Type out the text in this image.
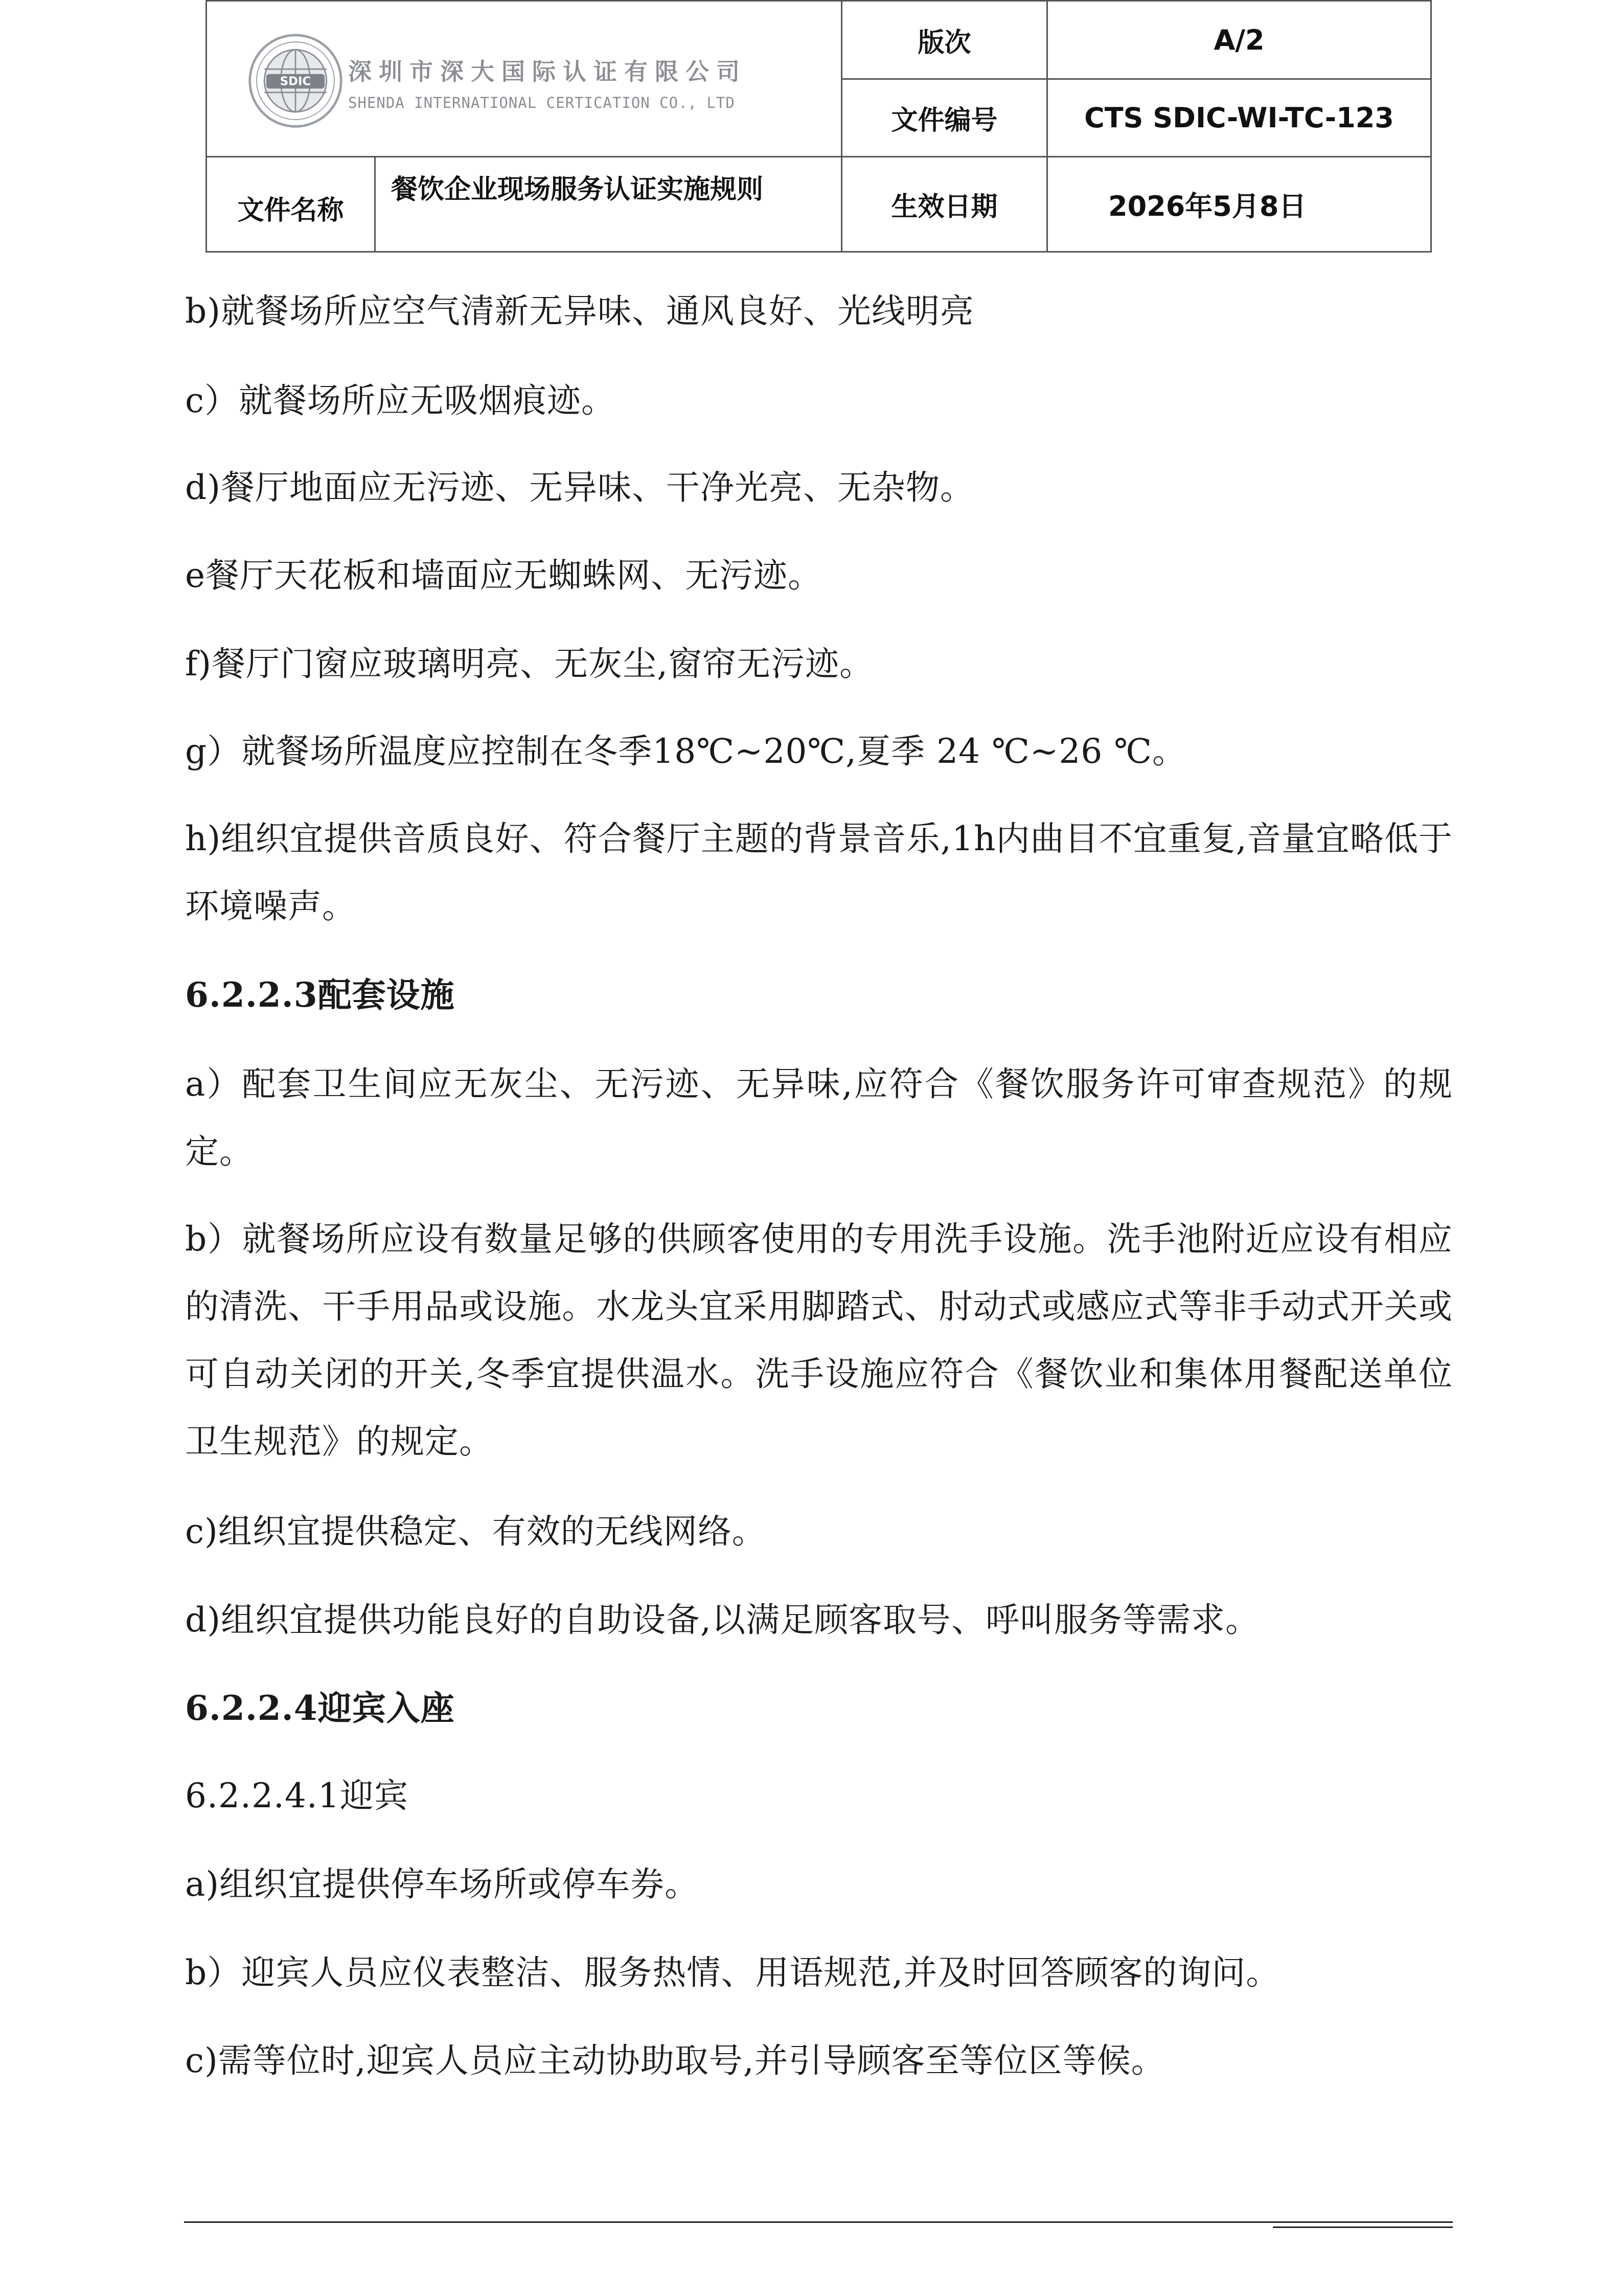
SDIC 深圳市深大国际认证有限公司
SHENDA INTERNATIONAL CERTICATION CO., LTD		版次	A/2
		文件编号	CTS SDIC-WI-TC-123
文件名称	餐饮企业现场服务认证实施规则	生效日期	2026年5月8日

b)就餐场所应空气清新无异味、通风良好、光线明亮

c）就餐场所应无吸烟痕迹。

d)餐厅地面应无污迹、无异味、干净光亮、无杂物。

e餐厅天花板和墙面应无蜘蛛网、无污迹。

f)餐厅门窗应玻璃明亮、无灰尘,窗帘无污迹。

g）就餐场所温度应控制在冬季18℃~20℃,夏季 24 ℃~26 ℃。

h)组织宜提供音质良好、符合餐厅主题的背景音乐,1h内曲目不宜重复,音量宜略低于环境噪声。

6.2.2.3配套设施

a）配套卫生间应无灰尘、无污迹、无异味,应符合《餐饮服务许可审查规范》的规定。

b）就餐场所应设有数量足够的供顾客使用的专用洗手设施。洗手池附近应设有相应的清洗、干手用品或设施。水龙头宜采用脚踏式、肘动式或感应式等非手动式开关或可自动关闭的开关,冬季宜提供温水。洗手设施应符合《餐饮业和集体用餐配送单位卫生规范》的规定。

c)组织宜提供稳定、有效的无线网络。

d)组织宜提供功能良好的自助设备,以满足顾客取号、呼叫服务等需求。

6.2.2.4迎宾入座

6.2.2.4.1迎宾

a)组织宜提供停车场所或停车券。

b）迎宾人员应仪表整洁、服务热情、用语规范,并及时回答顾客的询问。

c)需等位时,迎宾人员应主动协助取号,并引导顾客至等位区等候。
